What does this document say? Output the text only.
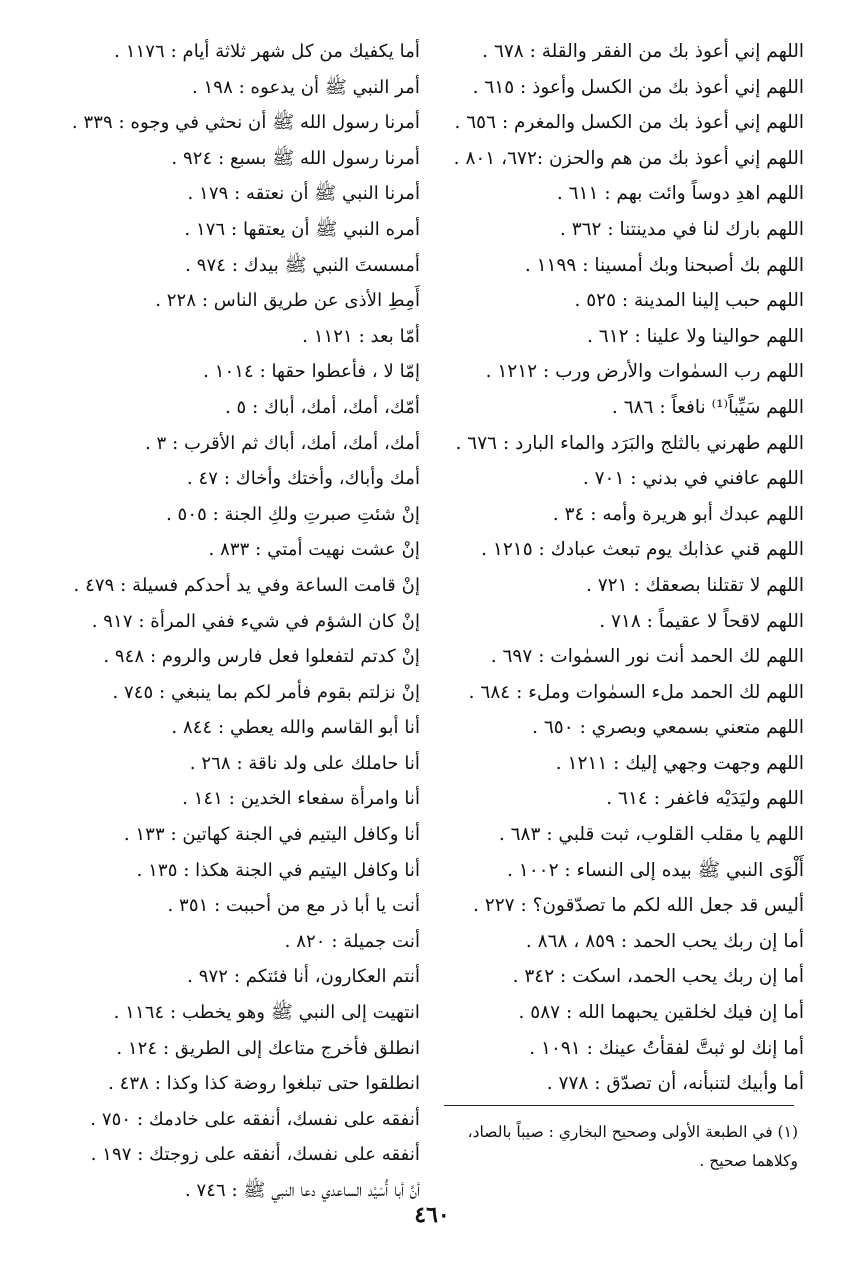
اللهم إني أعوذ بك من الفقر والقلة : ٦٧٨ .
اللهم إني أعوذ بك من الكسل وأعوذ : ٦١٥ .
اللهم إني أعوذ بك من الكسل والمغرم : ٦٥٦ .
اللهم إني أعوذ بك من هم والحزن :٦٧٢، ٨٠١ .
اللهم اهدِ دوساً وائت بهم : ٦١١ .
اللهم بارك لنا في مدينتنا : ٣٦٢ .
اللهم بك أصبحنا وبك أمسينا : ١١٩٩ .
اللهم حبب إلينا المدينة : ٥٢٥ .
اللهم حوالينا ولا علينا : ٦١٢ .
اللهم رب السمٰوات والأرض ورب : ١٢١٢ .
اللهم سَيِّباً⁽¹⁾ نافعاً : ٦٨٦ .
اللهم طهرني بالثلج والبَرَد والماء البارد : ٦٧٦ .
اللهم عافني في بدني : ٧٠١ .
اللهم عبدك أبو هريرة وأمه : ٣٤ .
اللهم قني عذابك يوم تبعث عبادك : ١٢١٥ .
اللهم لا تقتلنا بصعقك : ٧٢١ .
اللهم لاقحاً لا عقيماً : ٧١٨ .
اللهم لك الحمد أنت نور السمٰوات : ٦٩٧ .
اللهم لك الحمد ملء السمٰوات وملء : ٦٨٤ .
اللهم متعني بسمعي وبصري : ٦٥٠ .
اللهم وجهت وجهي إليك : ١٢١١ .
اللهم وليَدَيْه فاغفر : ٦١٤ .
اللهم يا مقلب القلوب، ثبت قلبي : ٦٨٣ .
أَلْوَى النبي ﷺ بيده إلى النساء : ١٠٠٢ .
أليس قد جعل الله لكم ما تصدّقون؟ : ٢٢٧ .
أما إن ربك يحب الحمد : ٨٥٩ ، ٨٦٨ .
أما إن ربك يحب الحمد، اسكت : ٣٤٢ .
أما إن فيك لخلقين يحبهما الله : ٥٨٧ .
أما إنك لو ثبتَّ لفقأتُ عينك : ١٠٩١ .
أما وأبيك لتنبأنه، أن تصدّق : ٧٧٨ .
أما يكفيك من كل شهر ثلاثة أيام : ١١٧٦ .
أمر النبي ﷺ أن يدعوه : ١٩٨ .
أمرنا رسول الله ﷺ أن نحثي في وجوه : ٣٣٩ .
أمرنا رسول الله ﷺ بسبع : ٩٢٤ .
أمرنا النبي ﷺ أن نعتقه : ١٧٩ .
أمره النبي ﷺ أن يعتقها : ١٧٦ .
أمسستَ النبي ﷺ بيدك : ٩٧٤ .
أَمِطِ الأذى عن طريق الناس : ٢٢٨ .
أمّا بعد : ١١٢١ .
إمّا لا ، فأعطوا حقها : ١٠١٤ .
أمّك، أمك، أمك، أباك : ٥ .
أمك، أمك، أمك، أباك ثم الأقرب : ٣ .
أمك وأباك، وأختك وأخاك : ٤٧ .
إنْ شئتِ صبرتِ ولكِ الجنة : ٥٠٥ .
إنْ عشت نهيت أمتي : ٨٣٣ .
إنْ قامت الساعة وفي يد أحدكم فسيلة : ٤٧٩ .
إنْ كان الشؤم في شيء ففي المرأة : ٩١٧ .
إنْ كدتم لتفعلوا فعل فارس والروم : ٩٤٨ .
إنْ نزلتم بقوم فأمر لكم بما ينبغي : ٧٤٥ .
أنا أبو القاسم والله يعطي : ٨٤٤ .
أنا حاملك على ولد ناقة : ٢٦٨ .
أنا وامرأة سفعاء الخدين : ١٤١ .
أنا وكافل اليتيم في الجنة كهاتين : ١٣٣ .
أنا وكافل اليتيم في الجنة هكذا : ١٣٥ .
أنت يا أبا ذر مع من أحببت : ٣٥١ .
أنت جميلة : ٨٢٠ .
أنتم العكارون، أنا فئتكم : ٩٧٢ .
انتهيت إلى النبي ﷺ وهو يخطب : ١١٦٤ .
انطلق فأخرج متاعك إلى الطريق : ١٢٤ .
انطلقوا حتى تبلغوا روضة كذا وكذا : ٤٣٨ .
أنفقه على نفسك، أنفقه على خادمك : ٧٥٠ .
أنفقه على نفسك، أنفقه على زوجتك : ١٩٧ .
أنَّ أبا أُسَيْد الساعدي دعا النبي ﷺ : ٧٤٦ .
(١) في الطبعة الأولى وصحيح البخاري : صيباً بالصاد،
وكلاهما صحيح .
٤٦٠
